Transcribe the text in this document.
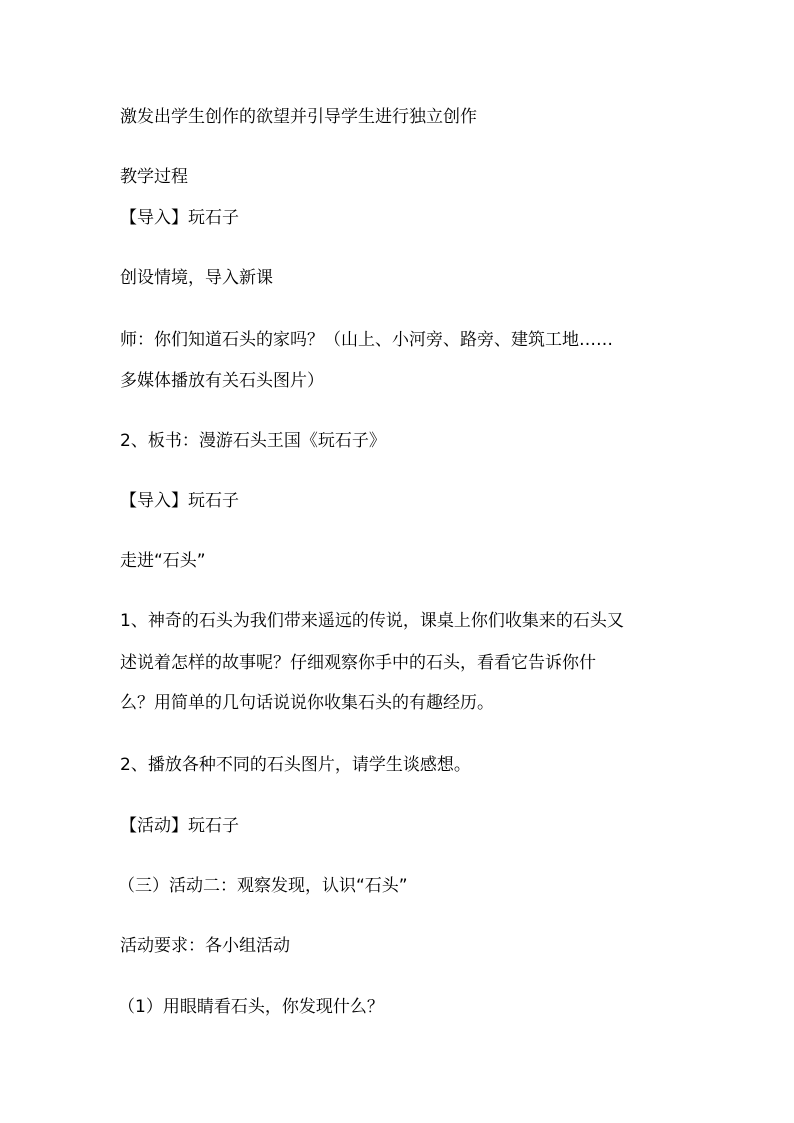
激发出学生创作的欲望并引导学生进行独立创作

教学过程

【导入】玩石子

创设情境，导入新课

师：你们知道石头的家吗？（山上、小河旁、路旁、建筑工地……

多媒体播放有关石头图片）

2、板书：漫游石头王国《玩石子》

【导入】玩石子

走进“石头”

1、神奇的石头为我们带来遥远的传说，课桌上你们收集来的石头又

述说着怎样的故事呢？仔细观察你手中的石头，看看它告诉你什

么？用简单的几句话说说你收集石头的有趣经历。

2、播放各种不同的石头图片，请学生谈感想。

【活动】玩石子

（三）活动二：观察发现，认识“石头”

活动要求：各小组活动

（1）用眼睛看石头，你发现什么？
